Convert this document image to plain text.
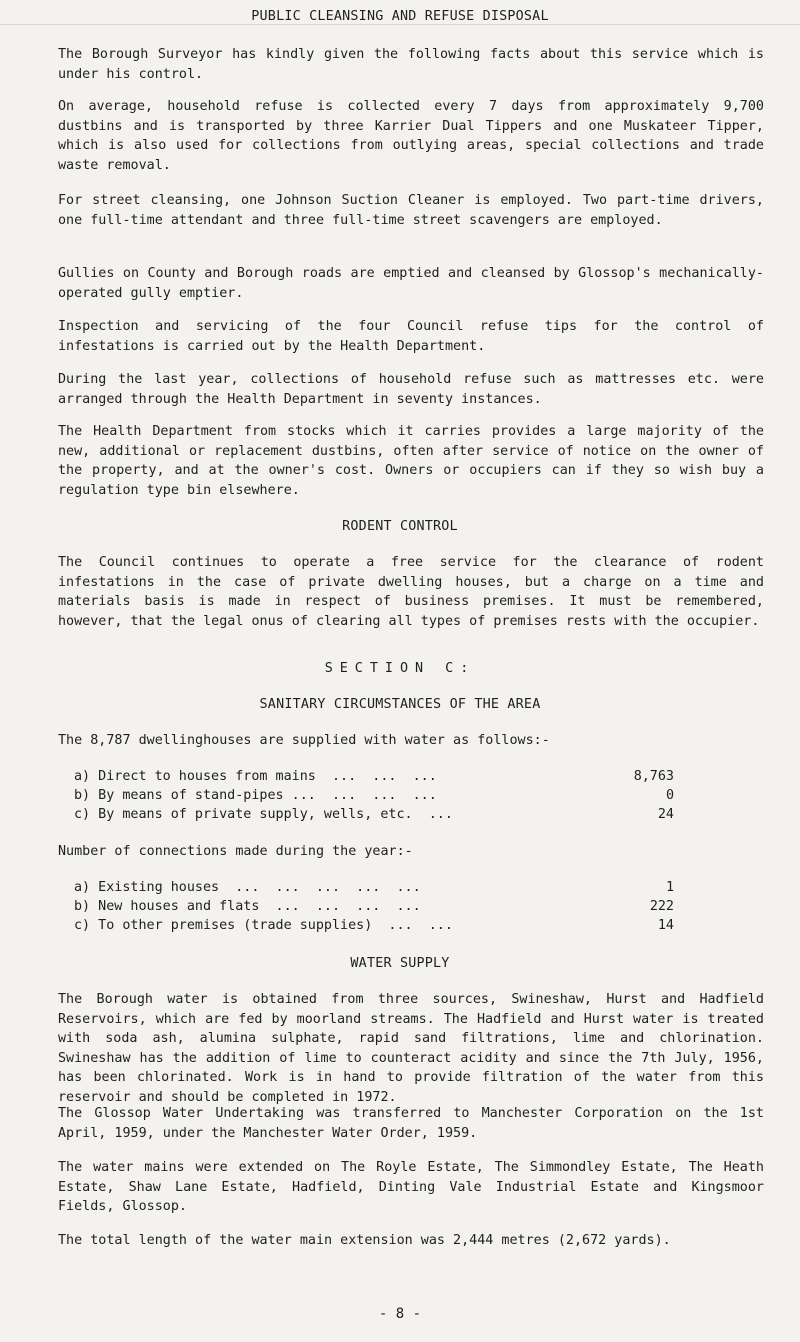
PUBLIC CLEANSING AND REFUSE DISPOSAL
The Borough Surveyor has kindly given the following facts about this service which is under his control.
On average, household refuse is collected every 7 days from approximately 9,700 dustbins and is transported by three Karrier Dual Tippers and one Muskateer Tipper, which is also used for collections from outlying areas, special collections and trade waste removal.
For street cleansing, one Johnson Suction Cleaner is employed. Two part-time drivers, one full-time attendant and three full-time street scavengers are employed.
Gullies on County and Borough roads are emptied and cleansed by Glossop's mechanically-operated gully emptier.
Inspection and servicing of the four Council refuse tips for the control of infestations is carried out by the Health Department.
During the last year, collections of household refuse such as mattresses etc. were arranged through the Health Department in seventy instances.
The Health Department from stocks which it carries provides a large majority of the new, additional or replacement dustbins, often after service of notice on the owner of the property, and at the owner's cost. Owners or occupiers can if they so wish buy a regulation type bin elsewhere.
RODENT CONTROL
The Council continues to operate a free service for the clearance of rodent infestations in the case of private dwelling houses, but a charge on a time and materials basis is made in respect of business premises. It must be remembered, however, that the legal onus of clearing all types of premises rests with the occupier.
SECTION C:
SANITARY CIRCUMSTANCES OF THE AREA
The 8,787 dwellinghouses are supplied with water as follows:-
a) Direct to houses from mains  ...  ...  ...	8,763
b) By means of stand-pipes ...  ...  ...  ...	0
c) By means of private supply, wells, etc.  ...	24
Number of connections made during the year:-
a) Existing houses  ...  ...  ...  ...  ...	1
b) New houses and flats  ...  ...  ...  ...	222
c) To other premises (trade supplies)  ...  ...	14
WATER SUPPLY
The Borough water is obtained from three sources, Swineshaw, Hurst and Hadfield Reservoirs, which are fed by moorland streams. The Hadfield and Hurst water is treated with soda ash, alumina sulphate, rapid sand filtrations, lime and chlorination. Swineshaw has the addition of lime to counteract acidity and since the 7th July, 1956, has been chlorinated. Work is in hand to provide filtration of the water from this reservoir and should be completed in 1972.
The Glossop Water Undertaking was transferred to Manchester Corporation on the 1st April, 1959, under the Manchester Water Order, 1959.
The water mains were extended on The Royle Estate, The Simmondley Estate, The Heath Estate, Shaw Lane Estate, Hadfield, Dinting Vale Industrial Estate and Kingsmoor Fields, Glossop.
The total length of the water main extension was 2,444 metres (2,672 yards).
- 8 -
